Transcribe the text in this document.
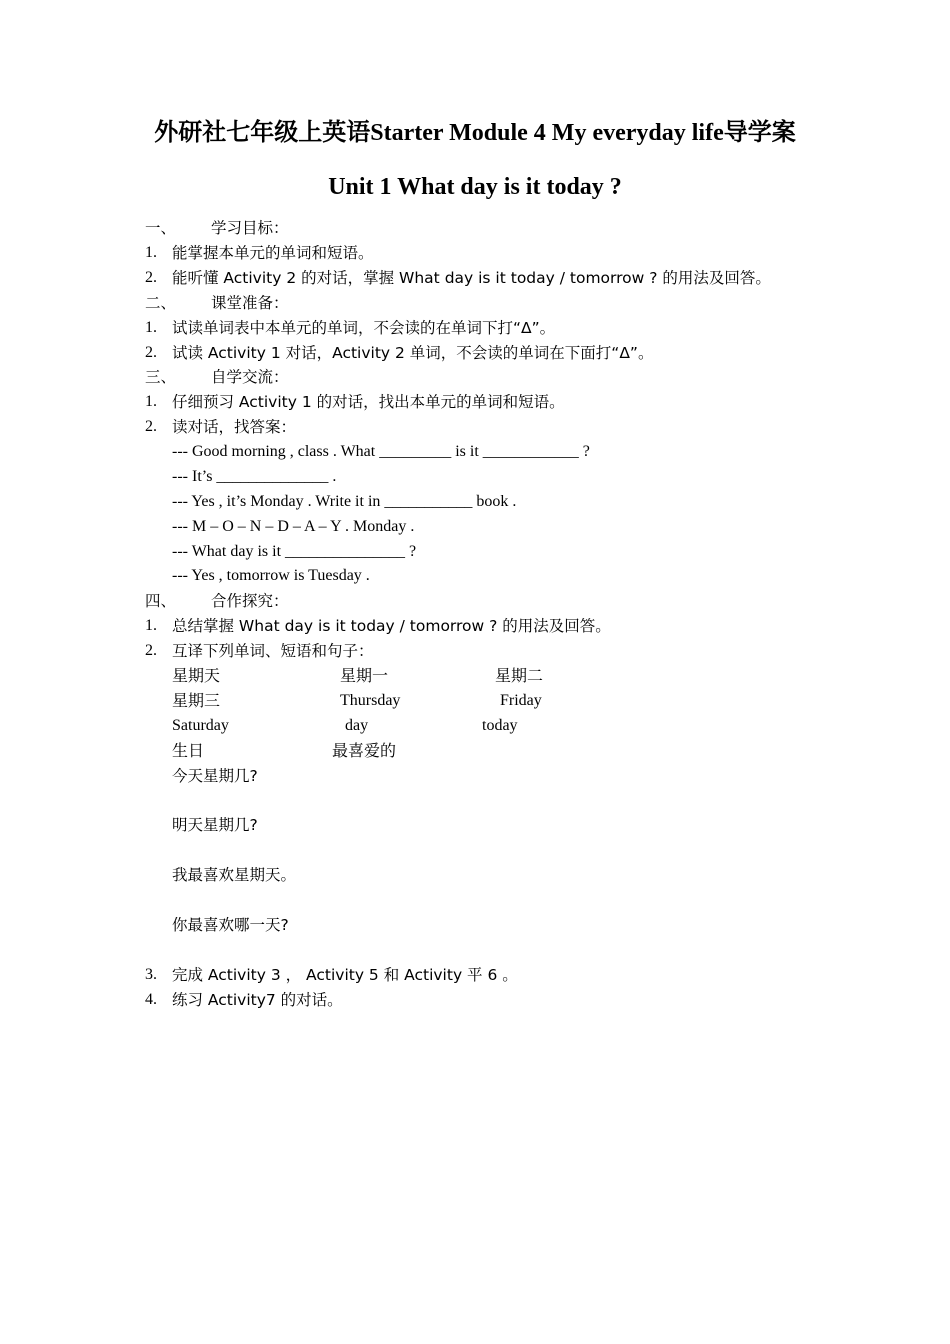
外研社七年级上英语Starter Module 4 My everyday life导学案
Unit 1 What day is it today ?
一、 学习目标：
1. 能掌握本单元的单词和短语。
2. 能听懂 Activity 2 的对话，掌握 What day is it today / tomorrow ? 的用法及回答。
二、 课堂准备：
1. 试读单词表中本单元的单词，不会读的在单词下打“Δ”。
2. 试读 Activity 1 对话，Activity 2 单词，不会读的单词在下面打“Δ”。
三、 自学交流：
1. 仔细预习 Activity 1 的对话，找出本单元的单词和短语。
2. 读对话，找答案：
--- Good morning , class . What _________ is it ____________ ?
--- It’s ______________ .
--- Yes , it’s Monday . Write it in ___________ book .
--- M – O – N – D – A – Y . Monday .
--- What day is it _______________ ?
--- Yes , tomorrow is Tuesday .
四、 合作探究：
1. 总结掌握 What day is it today / tomorrow ? 的用法及回答。
2. 互译下列单词、短语和句子：
星期天	星期一	星期二
星期三	Thursday	Friday
Saturday	day	today
生日	最喜爱的
今天星期几?
明天星期几?
我最喜欢星期天。
你最喜欢哪一天?
3. 完成 Activity 3 ， Activity 5 和 Activity 平 6 。
4. 练习 Activity7 的对话。
